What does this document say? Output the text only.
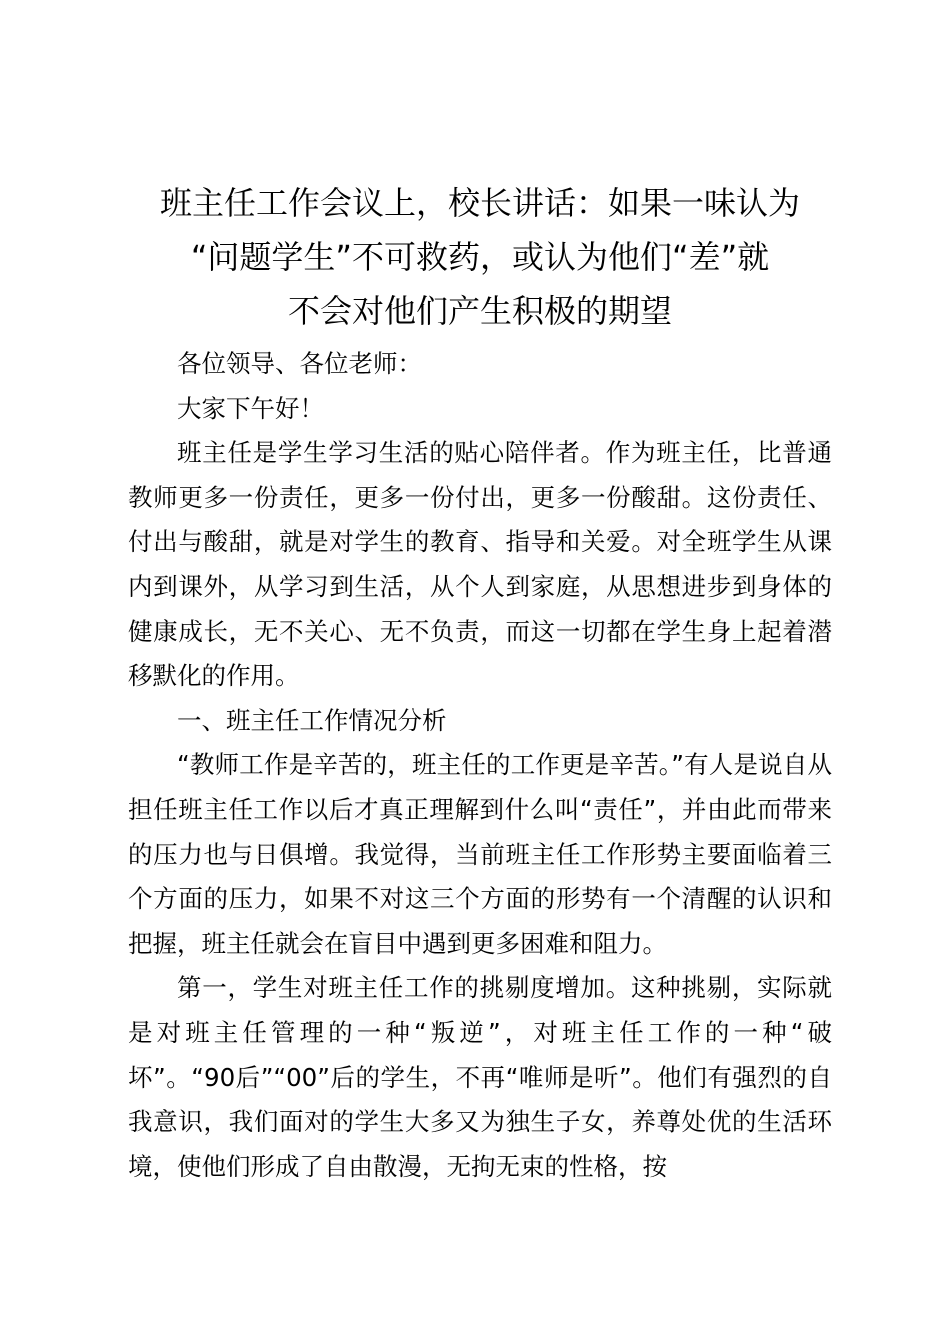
班主任工作会议上，校长讲话：如果一味认为
“问题学生”不可救药，或认为他们“差”就
不会对他们产生积极的期望

各位领导、各位老师：

大家下午好！

班主任是学生学习生活的贴心陪伴者。作为班主任，比普通教师更多一份责任，更多一份付出，更多一份酸甜。这份责任、付出与酸甜，就是对学生的教育、指导和关爱。对全班学生从课内到课外，从学习到生活，从个人到家庭，从思想进步到身体的健康成长，无不关心、无不负责，而这一切都在学生身上起着潜移默化的作用。

一、班主任工作情况分析

“教师工作是辛苦的，班主任的工作更是辛苦。”有人是说自从担任班主任工作以后才真正理解到什么叫“责任”，并由此而带来的压力也与日俱增。我觉得，当前班主任工作形势主要面临着三个方面的压力，如果不对这三个方面的形势有一个清醒的认识和把握，班主任就会在盲目中遇到更多困难和阻力。

第一，学生对班主任工作的挑剔度增加。这种挑剔，实际就是对班主任管理的一种“叛逆”，对班主任工作的一种“破坏”。“90后”“00”后的学生，不再“唯师是听”。他们有强烈的自我意识，我们面对的学生大多又为独生子女，养尊处优的生活环境，使他们形成了自由散漫，无拘无束的性格，按
